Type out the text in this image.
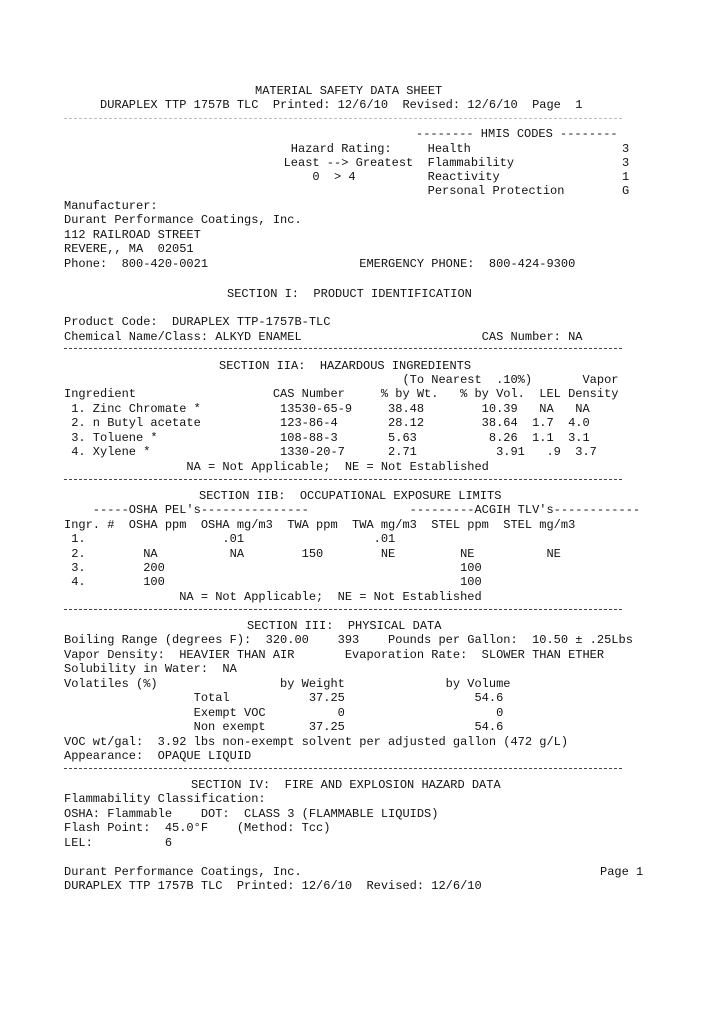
MATERIAL SAFETY DATA SHEET
DURAPLEX TTP 1757B TLC  Printed: 12/6/10  Revised: 12/6/10  Page  1
-------- HMIS CODES --------
Hazard Rating:     Health                     3
Least --> Greatest  Flammability               3
0  > 4          Reactivity                 1
Personal Protection        G
Manufacturer:
Durant Performance Coatings, Inc.
112 RAILROAD STREET
REVERE,, MA  02051
Phone:  800-420-0021                     EMERGENCY PHONE:  800-424-9300
SECTION I:  PRODUCT IDENTIFICATION
Product Code:  DURAPLEX TTP-1757B-TLC
Chemical Name/Class: ALKYD ENAMEL                         CAS Number: NA
SECTION IIA:  HAZARDOUS INGREDIENTS
(To Nearest  .10%)       Vapor
Ingredient                   CAS Number     % by Wt.   % by Vol.  LEL Density
1. Zinc Chromate *           13530-65-9     38.48        10.39   NA   NA
2. n Butyl acetate           123-86-4       28.12        38.64  1.7  4.0
3. Toluene *                 108-88-3       5.63          8.26  1.1  3.1
4. Xylene *                  1330-20-7      2.71           3.91   .9  3.7
NA = Not Applicable;  NE = Not Established
SECTION IIB:  OCCUPATIONAL EXPOSURE LIMITS
-----OSHA PEL's---------------              ---------ACGIH TLV's------------
Ingr. #  OSHA ppm  OSHA mg/m3  TWA ppm  TWA mg/m3  STEL ppm  STEL mg/m3
1.                   .01                  .01
2.        NA          NA        150        NE         NE          NE
3.        200                                         100
4.        100                                         100
NA = Not Applicable;  NE = Not Established
SECTION III:  PHYSICAL DATA
Boiling Range (degrees F):  320.00    393    Pounds per Gallon:  10.50 ± .25Lbs
Vapor Density:  HEAVIER THAN AIR       Evaporation Rate:  SLOWER THAN ETHER
Solubility in Water:  NA
Volatiles (%)                 by Weight              by Volume
Total           37.25                  54.6
Exempt VOC          0                     0
Non exempt      37.25                  54.6
VOC wt/gal:  3.92 lbs non-exempt solvent per adjusted gallon (472 g/L)
Appearance:  OPAQUE LIQUID
SECTION IV:  FIRE AND EXPLOSION HAZARD DATA
Flammability Classification:
OSHA: Flammable    DOT:  CLASS 3 (FLAMMABLE LIQUIDS)
Flash Point:  45.0°F    (Method: Tcc)
LEL:          6
Durant Performance Coatings, Inc.	Page 1
DURAPLEX TTP 1757B TLC  Printed: 12/6/10  Revised: 12/6/10
